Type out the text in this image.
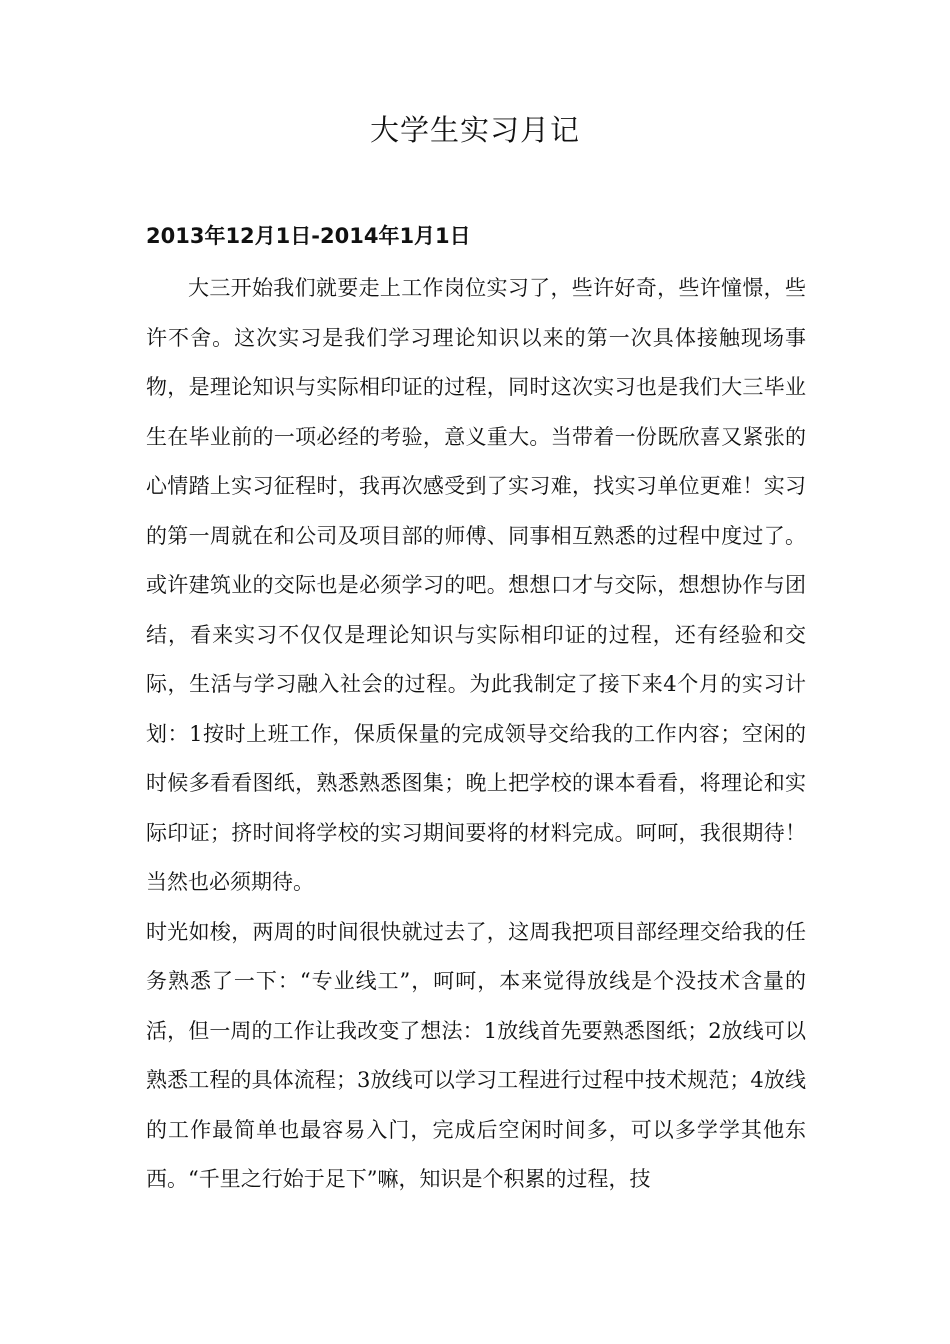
大学生实习月记
2013年12月1日-2014年1月1日

大三开始我们就要走上工作岗位实习了，些许好奇，些许憧憬，些许不舍。这次实习是我们学习理论知识以来的第一次具体接触现场事物，是理论知识与实际相印证的过程，同时这次实习也是我们大三毕业生在毕业前的一项必经的考验，意义重大。当带着一份既欣喜又紧张的心情踏上实习征程时，我再次感受到了实习难，找实习单位更难！实习的第一周就在和公司及项目部的师傅、同事相互熟悉的过程中度过了。或许建筑业的交际也是必须学习的吧。想想口才与交际，想想协作与团结，看来实习不仅仅是理论知识与实际相印证的过程，还有经验和交际，生活与学习融入社会的过程。为此我制定了接下来4个月的实习计划：1按时上班工作，保质保量的完成领导交给我的工作内容；空闲的时候多看看图纸，熟悉熟悉图集；晚上把学校的课本看看，将理论和实际印证；挤时间将学校的实习期间要将的材料完成。呵呵，我很期待！当然也必须期待。

时光如梭，两周的时间很快就过去了，这周我把项目部经理交给我的任务熟悉了一下：“专业线工”，呵呵，本来觉得放线是个没技术含量的活，但一周的工作让我改变了想法：1放线首先要熟悉图纸；2放线可以熟悉工程的具体流程；3放线可以学习工程进行过程中技术规范；4放线的工作最简单也最容易入门，完成后空闲时间多，可以多学学其他东西。“千里之行始于足下”嘛，知识是个积累的过程，技
